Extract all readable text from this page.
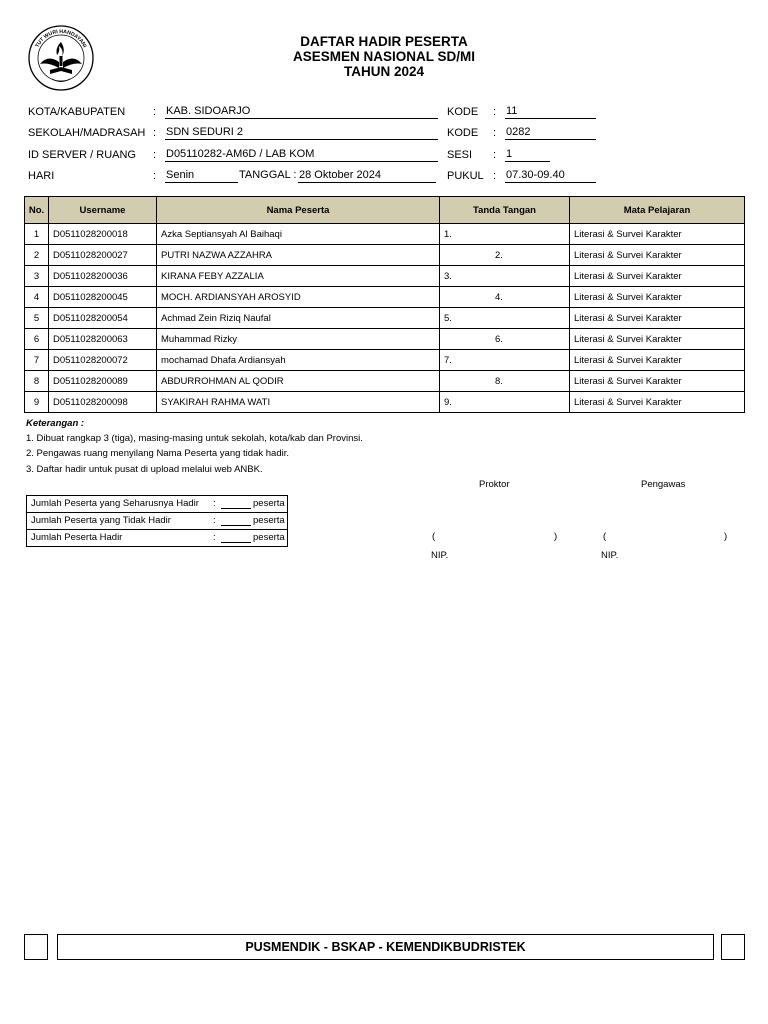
TUT WURI HANDAYANI	DAFTAR HADIR PESERTA
ASESMEN NASIONAL SD/MI
TAHUN 2024
KOTA/KABUPATEN	: KAB. SIDOARJO	KODE : 11
SEKOLAH/MADRASAH : SDN SEDURI 2	KODE : 0282
ID SERVER / RUANG : D05110282-AM6D / LAB KOM	SESI : 1
HARI	: Senin	TANGGAL : 28 Oktober 2024	PUKUL : 07.30-09.40
No.	Username	Nama Peserta	Tanda Tangan	Mata Pelajaran
1	D0511028200018	Azka Septiansyah Al Baihaqi	1.	Literasi & Survei Karakter
2	D0511028200027	PUTRI NAZWA AZZAHRA	2.	Literasi & Survei Karakter
3	D0511028200036	KIRANA FEBY AZZALIA	3.	Literasi & Survei Karakter
4	D0511028200045	MOCH. ARDIANSYAH AROSYID	4.	Literasi & Survei Karakter
5	D0511028200054	Achmad Zein Riziq Naufal	5.	Literasi & Survei Karakter
6	D0511028200063	Muhammad Rizky	6.	Literasi & Survei Karakter
7	D0511028200072	mochamad Dhafa Ardiansyah	7.	Literasi & Survei Karakter
8	D0511028200089	ABDURROHMAN AL QODIR	8.	Literasi & Survei Karakter
9	D0511028200098	SYAKIRAH RAHMA WATI	9.	Literasi & Survei Karakter
Keterangan :
1. Dibuat rangkap 3 (tiga), masing-masing untuk sekolah, kota/kab dan Provinsi.
2. Pengawas ruang menyilang Nama Peserta yang tidak hadir.
3. Daftar hadir untuk pusat di upload melalui web ANBK.
Jumlah Peserta yang Seharusnya Hadir :	peserta
Jumlah Peserta yang Tidak Hadir	:	peserta
Jumlah Peserta Hadir	:	peserta
Proktor	Pengawas
(	)	(	)
NIP.	NIP.
PUSMENDIK - BSKAP - KEMENDIKBUDRISTEK
